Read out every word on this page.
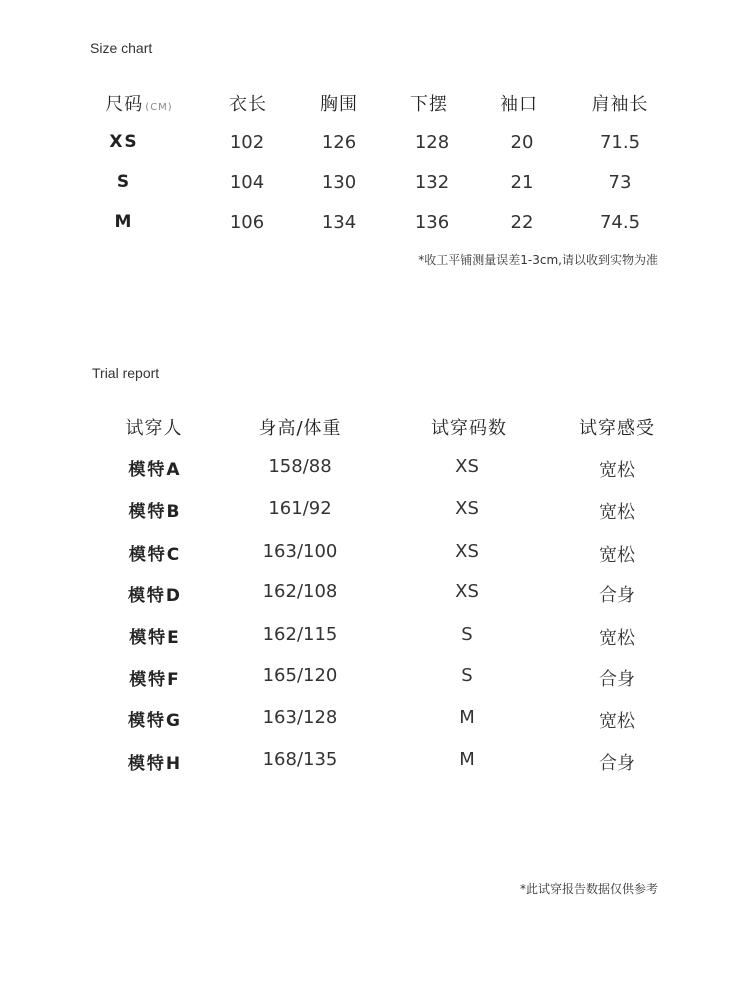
Size chart
尺码 (CM)	衣长	胸围	下摆	袖口	肩袖长
XS	102	126	128	20	71.5
S	104	130	132	21	73
M	106	134	136	22	74.5
*收工平铺测量误差1-3cm,请以收到实物为准
Trial report
试穿人	身高/体重	试穿码数	试穿感受
模特A	158/88	XS	宽松
模特B	161/92	XS	宽松
模特C	163/100	XS	宽松
模特D	162/108	XS	合身
模特E	162/115	S	宽松
模特F	165/120	S	合身
模特G	163/128	M	宽松
模特H	168/135	M	合身
*此试穿报告数据仅供参考
